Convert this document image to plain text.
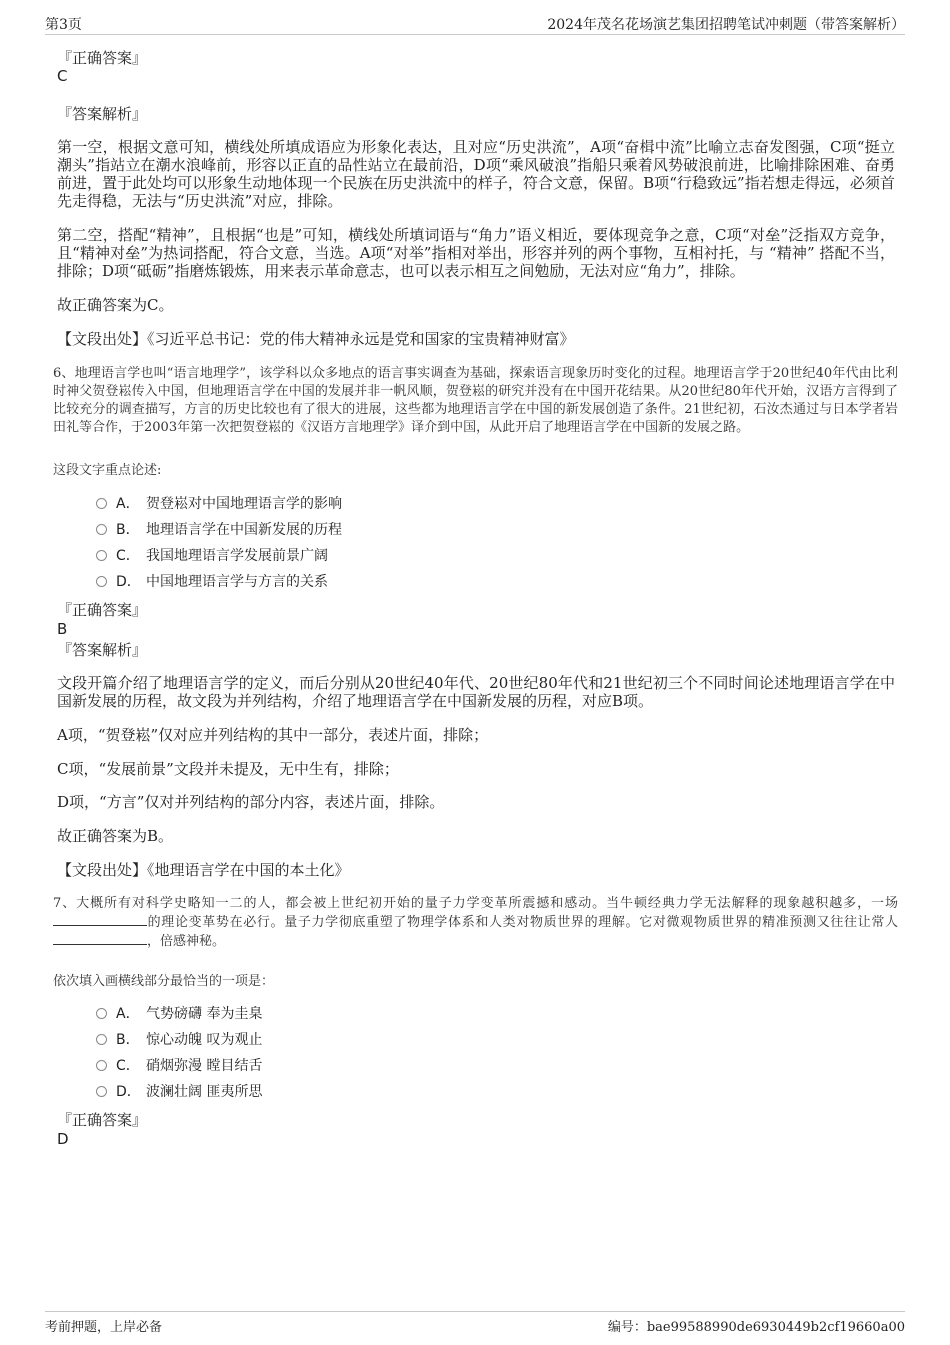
第3页	2024年茂名花场演艺集团招聘笔试冲刺题（带答案解析）
『正确答案』
C
『答案解析』
第一空，根据文意可知，横线处所填成语应为形象化表达，且对应“历史洪流”，A项“奋楫中流”比喻立志奋发图强，C项“挺立潮头”指站立在潮水浪峰前，形容以正直的品性站立在最前沿，D项“乘风破浪”指船只乘着风势破浪前进，比喻排除困难、奋勇前进，置于此处均可以形象生动地体现一个民族在历史洪流中的样子，符合文意，保留。B项“行稳致远”指若想走得远，必须首先走得稳，无法与“历史洪流”对应，排除。
第二空，搭配“精神”，且根据“也是”可知，横线处所填词语与“角力”语义相近，要体现竞争之意，C项“对垒”泛指双方竞争，且“精神对垒”为热词搭配，符合文意，当选。A项“对举”指相对举出，形容并列的两个事物，互相衬托，与 “精神” 搭配不当，排除；D项“砥砺”指磨炼锻炼，用来表示革命意志，也可以表示相互之间勉励，无法对应“角力”，排除。
故正确答案为C。
【文段出处】《习近平总书记：党的伟大精神永远是党和国家的宝贵精神财富》
6、地理语言学也叫“语言地理学”，该学科以众多地点的语言事实调查为基础，探索语言现象历时变化的过程。地理语言学于20世纪40年代由比利时神父贺登崧传入中国，但地理语言学在中国的发展并非一帆风顺，贺登崧的研究并没有在中国开花结果。从20世纪80年代开始，汉语方言得到了比较充分的调查描写，方言的历史比较也有了很大的进展，这些都为地理语言学在中国的新发展创造了条件。21世纪初，石汝杰通过与日本学者岩田礼等合作，于2003年第一次把贺登崧的《汉语方言地理学》译介到中国，从此开启了地理语言学在中国新的发展之路。
这段文字重点论述:
A． 贺登崧对中国地理语言学的影响
B． 地理语言学在中国新发展的历程
C． 我国地理语言学发展前景广阔
D． 中国地理语言学与方言的关系
『正确答案』
B
『答案解析』
文段开篇介绍了地理语言学的定义，而后分别从20世纪40年代、20世纪80年代和21世纪初三个不同时间论述地理语言学在中国新发展的历程，故文段为并列结构，介绍了地理语言学在中国新发展的历程，对应B项。
A项，“贺登崧”仅对应并列结构的其中一部分，表述片面，排除；
C项，“发展前景”文段并未提及，无中生有，排除；
D项，“方言”仅对并列结构的部分内容，表述片面，排除。
故正确答案为B。
【文段出处】《地理语言学在中国的本土化》
7、大概所有对科学史略知一二的人，都会被上世纪初开始的量子力学变革所震撼和感动。当牛顿经典力学无法解释的现象越积越多，一场的理论变革势在必行。量子力学彻底重塑了物理学体系和人类对物质世界的理解。它对微观物质世界的精准预测又往往让常人，倍感神秘。
依次填入画横线部分最恰当的一项是：
A． 气势磅礴 奉为圭臬
B． 惊心动魄 叹为观止
C． 硝烟弥漫 瞠目结舌
D． 波澜壮阔 匪夷所思
『正确答案』
D
考前押题，上岸必备	编号：bae99588990de6930449b2cf19660a00
